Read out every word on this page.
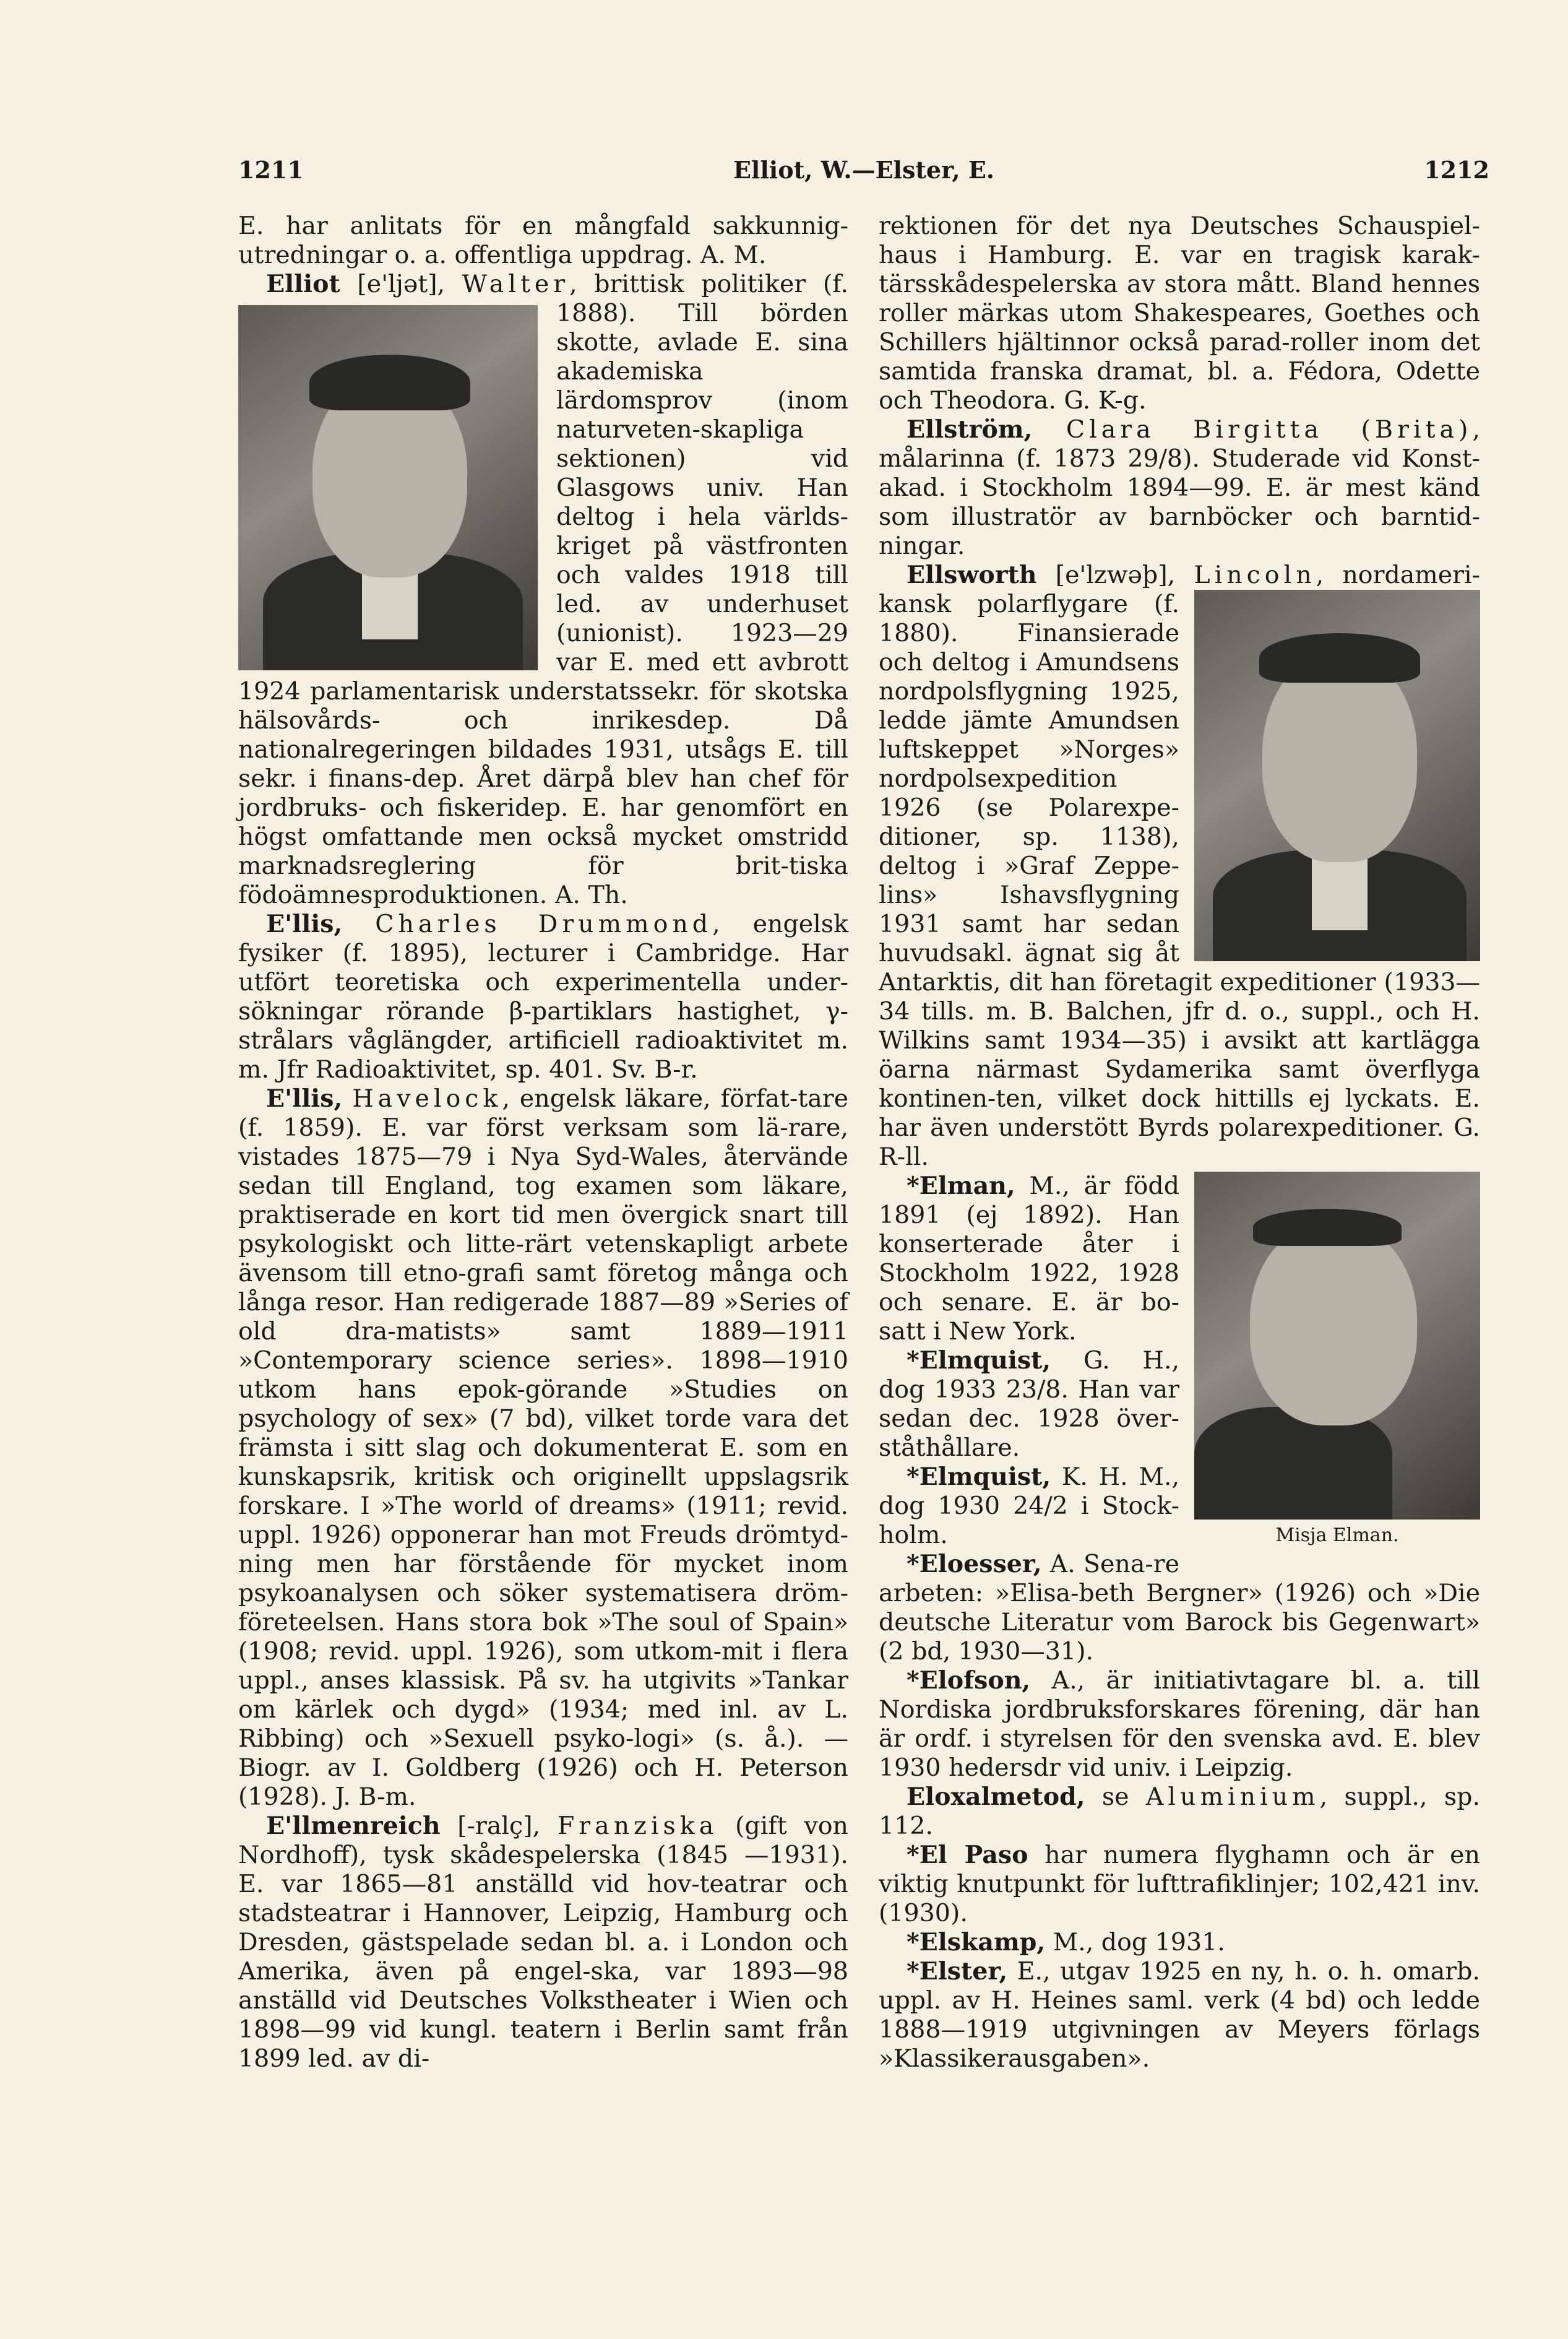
1211	Elliot, W.—Elster, E.	1212

E. har anlitats för en mångfald sakkunnig-utredningar o. a. offentliga uppdrag. A. M.

Elliot [e'ljət], Walter
, brittisk politiker (f. 1888). Till börden skotte, avlade E. sina akademiska lärdomsprov (inom naturveten-skapliga sektionen) vid Glasgows univ. Han deltog i hela världs-kriget på västfronten och valdes 1918 till led. av underhuset (unionist). 1923—29 var E. med ett avbrott 1924 parlamentarisk understatssekr. för skotska hälsovårds- och inrikesdep. Då nationalregeringen bildades 1931, utsågs E. till sekr. i finans-dep. Året därpå blev han chef för jordbruks- och fiskeridep. E. har genomfört en högst omfattande men också mycket omstridd marknadsreglering för brit-tiska födoämnesproduktionen. A. Th.

E'llis, Charles Drummond, engelsk fysiker (f. 1895), lecturer i Cambridge. Har utfört teoretiska och experimentella under-sökningar rörande β-partiklars hastighet, γ-strålars våglängder, artificiell radioaktivitet m. m. Jfr Radioaktivitet, sp. 401. Sv. B-r.

E'llis, Havelock, engelsk läkare, förfat-tare (f. 1859). E. var först verksam som lä-rare, vistades 1875—79 i Nya Syd-Wales, återvände sedan till England, tog examen som läkare, praktiserade en kort tid men övergick snart till psykologiskt och litte-rärt vetenskapligt arbete ävensom till etno-grafi samt företog många och långa resor. Han redigerade 1887—89 »Series of old dra-matists» samt 1889—1911 »Contemporary science series». 1898—1910 utkom hans epok-görande »Studies on psychology of sex» (7 bd), vilket torde vara det främsta i sitt slag och dokumenterat E. som en kunskapsrik, kritisk och originellt uppslagsrik forskare. I »The world of dreams» (1911; revid. uppl. 1926) opponerar han mot Freuds drömtyd-ning men har förstående för mycket inom psykoanalysen och söker systematisera dröm-företeelsen. Hans stora bok »The soul of Spain» (1908; revid. uppl. 1926), som utkom-mit i flera uppl., anses klassisk. På sv. ha utgivits »Tankar om kärlek och dygd» (1934; med inl. av L. Ribbing) och »Sexuell psyko-logi» (s. å.). — Biogr. av I. Goldberg (1926) och H. Peterson (1928). J. B-m.

E'llmenreich [-ralç], Franziska (gift von Nordhoff), tysk skådespelerska (1845 —1931). E. var 1865—81 anställd vid hov-teatrar och stadsteatrar i Hannover, Leipzig, Hamburg och Dresden, gästspelade sedan bl. a. i London och Amerika, även på engel-ska, var 1893—98 anställd vid Deutsches Volkstheater i Wien och 1898—99 vid kungl. teatern i Berlin samt från 1899 led. av di-

rektionen för det nya Deutsches Schauspiel-haus i Hamburg. E. var en tragisk karak-tärsskådespelerska av stora mått. Bland hennes roller märkas utom Shakespeares, Goethes och Schillers hjältinnor också parad-roller inom det samtida franska dramat, bl. a. Fédora, Odette och Theodora. G. K-g.

Ellström, Clara Birgitta (Brita), målarinna (f. 1873 29/8). Studerade vid Konst-akad. i Stockholm 1894—99. E. är mest känd som illustratör av barnböcker och barntid-ningar.

Ellsworth [e'lzwəþ], Lincoln
, nordameri-kansk polarflygare (f. 1880). Finansierade och deltog i Amundsens nordpolsflygning 1925, ledde jämte Amundsen luftskeppet »Norges» nordpolsexpedition 1926 (se Polarexpe-ditioner, sp. 1138), deltog i »Graf Zeppe-lins» Ishavsflygning 1931 samt har sedan huvudsakl. ägnat sig åt Antarktis, dit han företagit expeditioner (1933—34 tills. m. B. Balchen, jfr d. o., suppl., och H. Wilkins samt 1934—35) i avsikt att kartlägga öarna närmast Sydamerika samt överflyga kontinen-ten, vilket dock hittills ej lyckats. E. har även understött Byrds polarexpeditioner. G. R-ll.

Misja Elman.
*Elman, M., är född 1891 (ej 1892). Han konserterade åter i Stockholm 1922, 1928 och senare. E. är bo-satt i New York.

*Elmquist, G. H., dog 1933 23/8. Han var sedan dec. 1928 över-ståthållare.

*Elmquist, K. H. M., dog 1930 24/2 i Stock-holm.

*Eloesser, A. Sena-re arbeten: »Elisa-beth Bergner» (1926) och »Die deutsche Literatur vom Barock bis Gegenwart» (2 bd, 1930—31).

*Elofson, A., är initiativtagare bl. a. till Nordiska jordbruksforskares förening, där han är ordf. i styrelsen för den svenska avd. E. blev 1930 hedersdr vid univ. i Leipzig.

Eloxalmetod, se Aluminium, suppl., sp. 112.

*El Paso har numera flyghamn och är en viktig knutpunkt för lufttrafiklinjer; 102,421 inv. (1930).

*Elskamp, M., dog 1931.

*Elster, E., utgav 1925 en ny, h. o. h. omarb. uppl. av H. Heines saml. verk (4 bd) och ledde 1888—1919 utgivningen av Meyers förlags »Klassikerausgaben».
